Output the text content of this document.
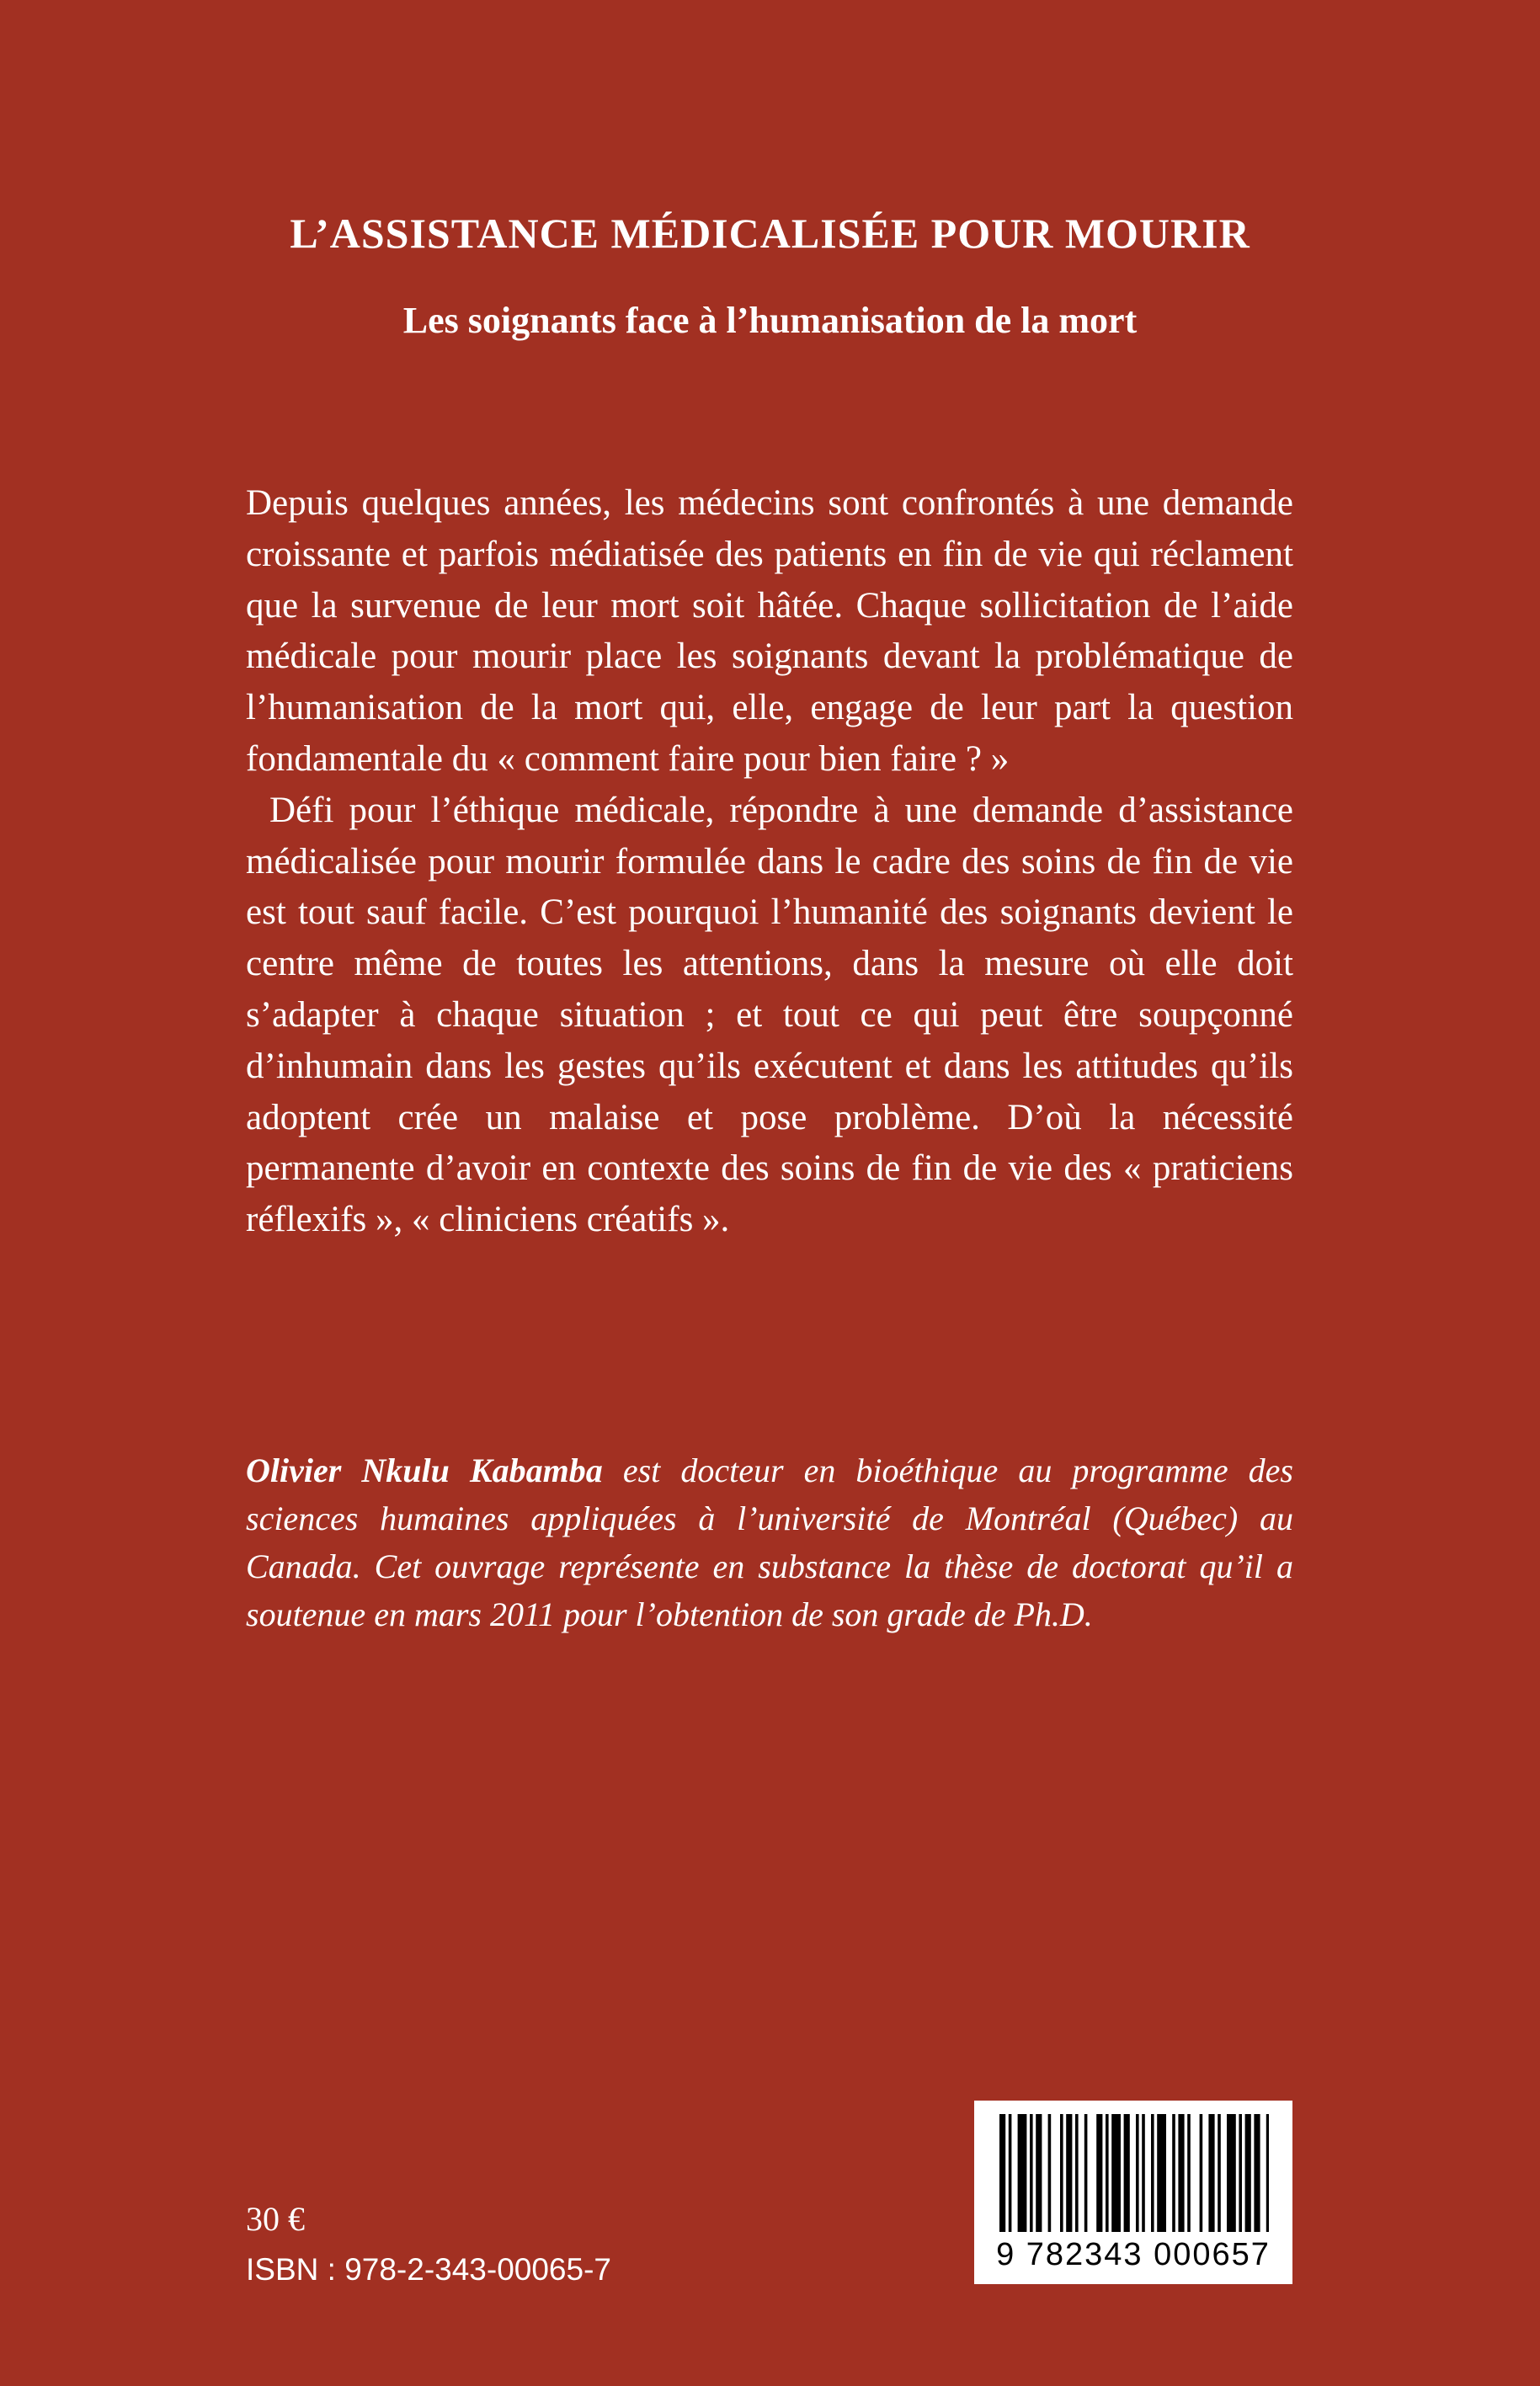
L’ASSISTANCE MÉDICALISÉE POUR MOURIR
Les soignants face à l’humanisation de la mort

Depuis quelques années, les médecins sont confrontés à une demande croissante et parfois médiatisée des patients en fin de vie qui réclament que la survenue de leur mort soit hâtée. Chaque sollicitation de l’aide médicale pour mourir place les soignants devant la problématique de l’humanisation de la mort qui, elle, engage de leur part la question fondamentale du « comment faire pour bien faire ? »

Défi pour l’éthique médicale, répondre à une demande d’assistance médicalisée pour mourir formulée dans le cadre des soins de fin de vie est tout sauf facile. C’est pourquoi l’humanité des soignants devient le centre même de toutes les attentions, dans la mesure où elle doit s’adapter à chaque situation ; et tout ce qui peut être soupçonné d’inhumain dans les gestes qu’ils exécutent et dans les attitudes qu’ils adoptent crée un malaise et pose problème. D’où la nécessité permanente d’avoir en contexte des soins de fin de vie des « praticiens réflexifs », « cliniciens créatifs ».

Olivier Nkulu Kabamba est docteur en bioéthique au programme des sciences humaines appliquées à l’université de Montréal (Québec) au Canada. Cet ouvrage représente en substance la thèse de doctorat qu’il a soutenue en mars 2011 pour l’obtention de son grade de Ph.D.

30 €

ISBN : 978-2-343-00065-7	9 782343 000657
